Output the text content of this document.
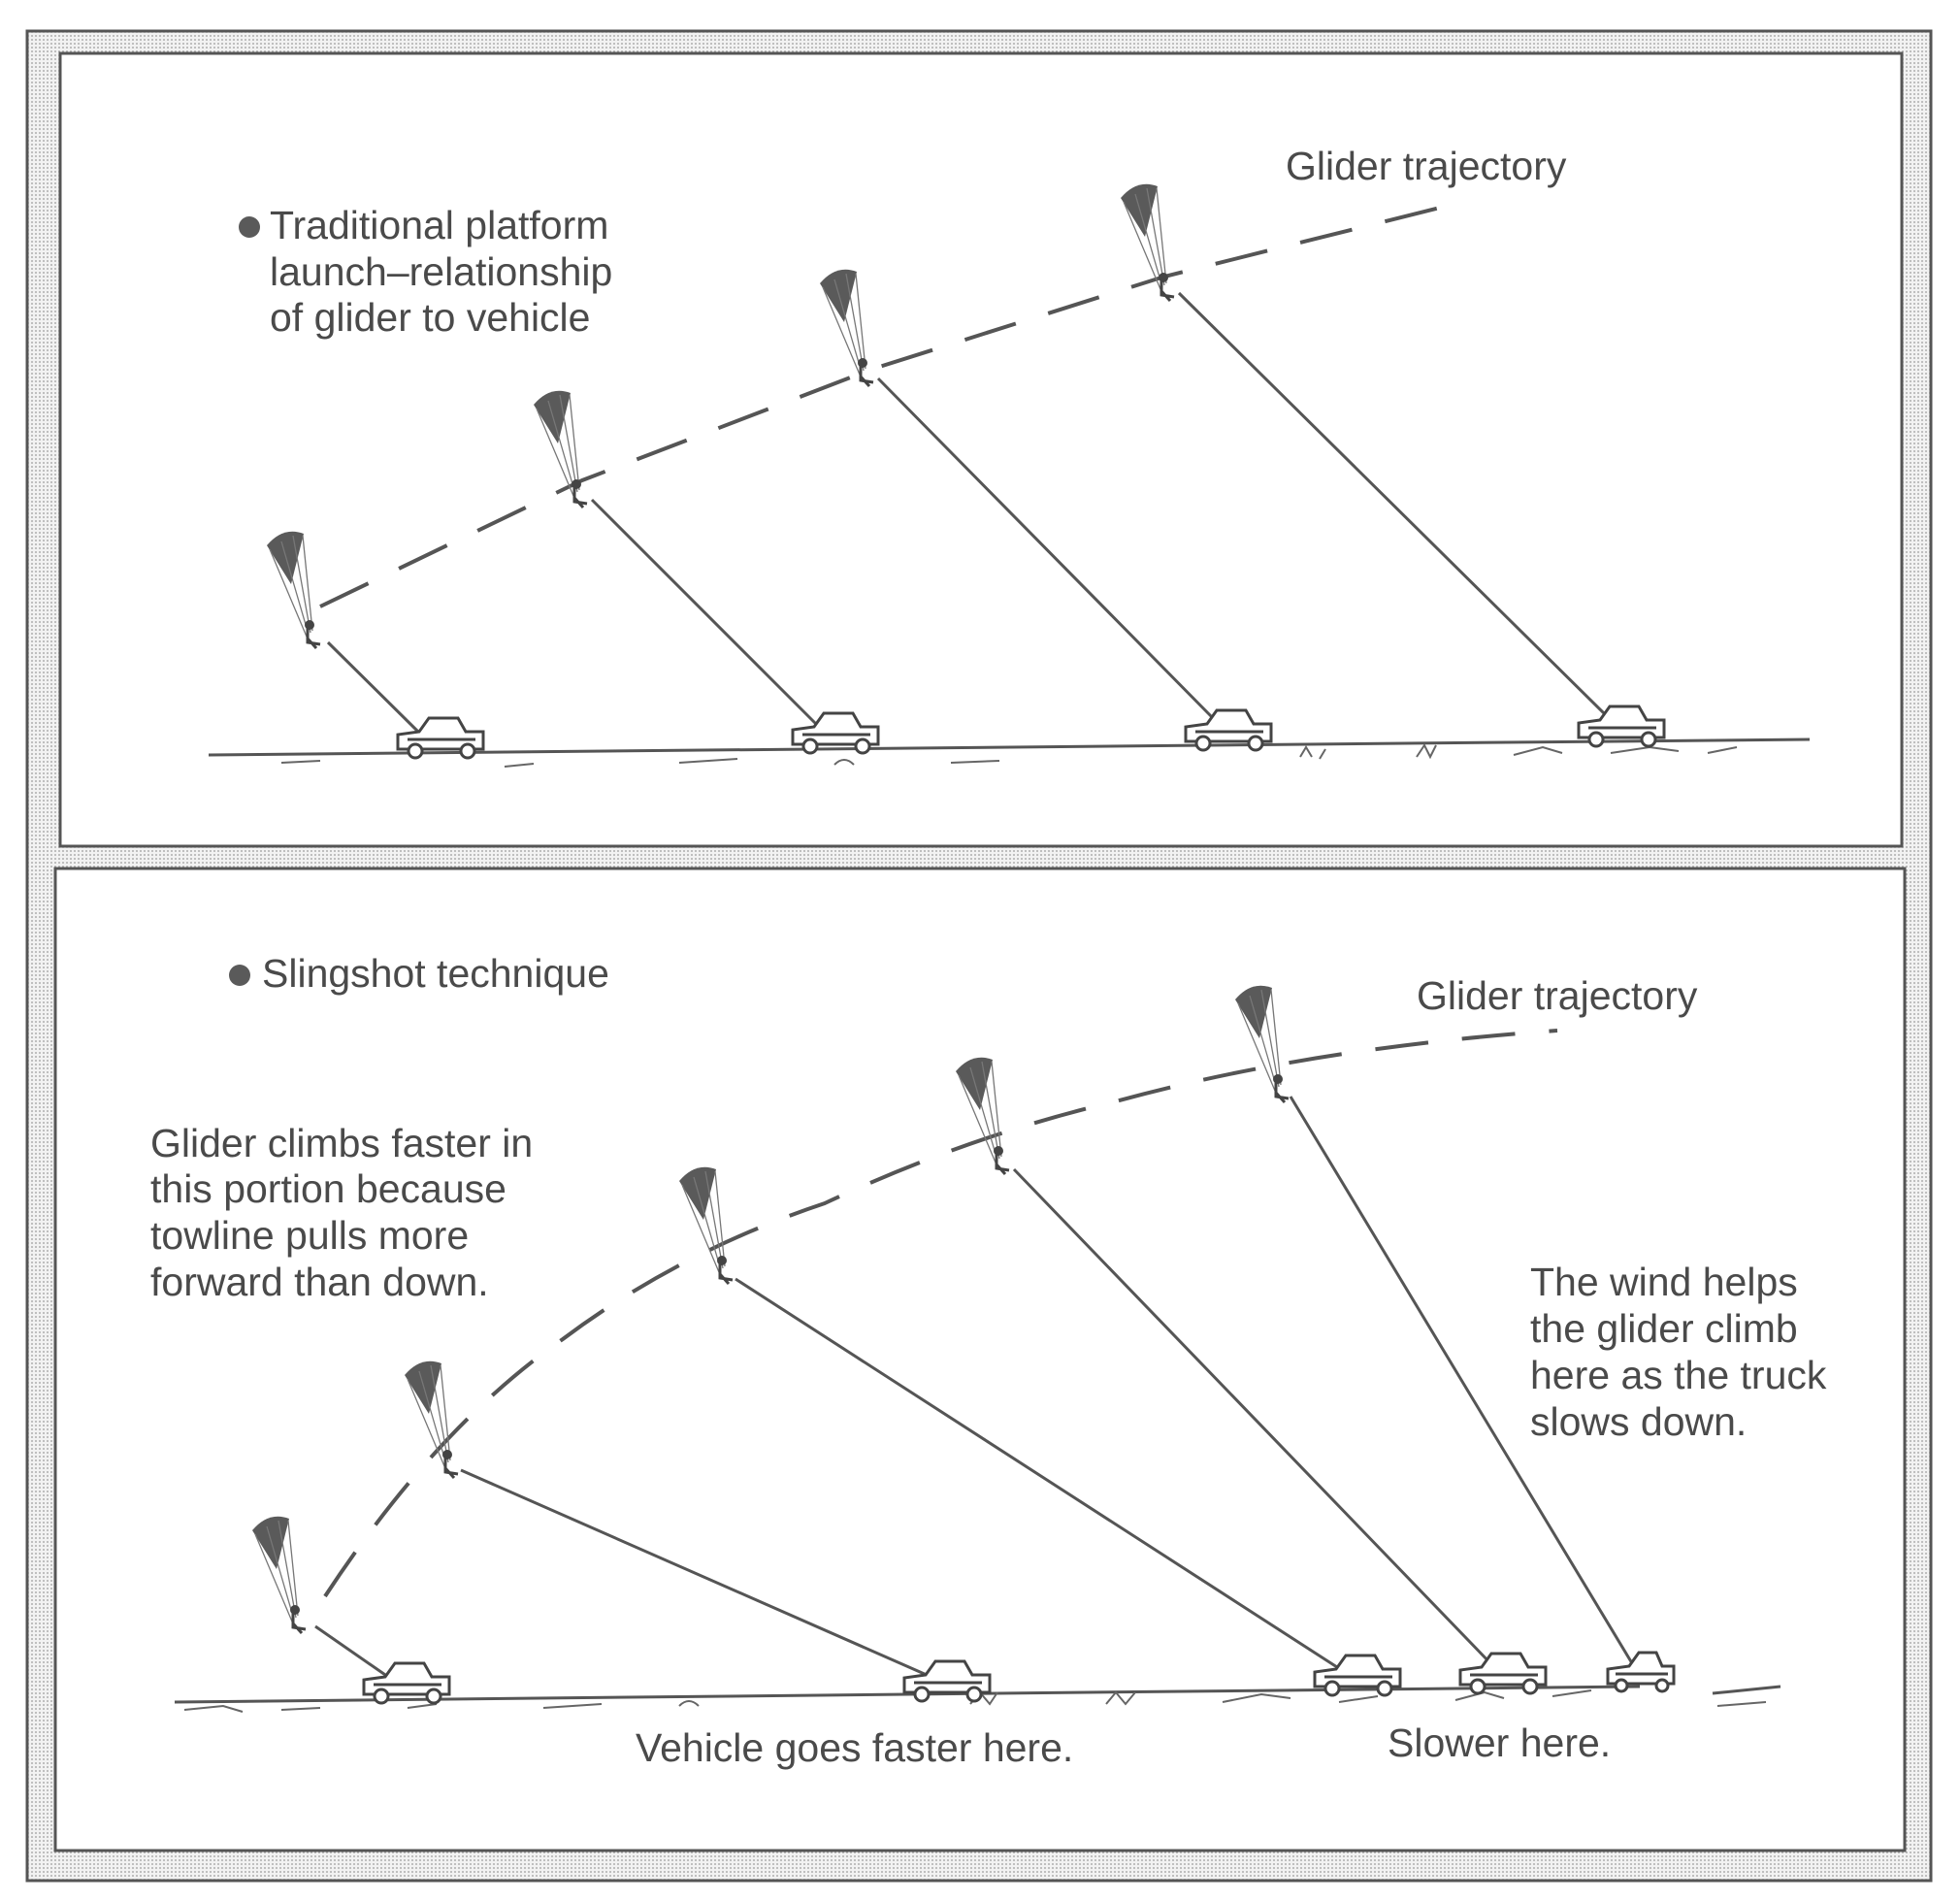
Traditional platform launch–relationship of glider to vehicle
Glider trajectory
Slingshot technique	Glider trajectory
Glider climbs faster in this portion because towline pulls more forward than down.	The wind helps the glider climb here as the truck slows down.
Vehicle goes faster here.	Slower here.
